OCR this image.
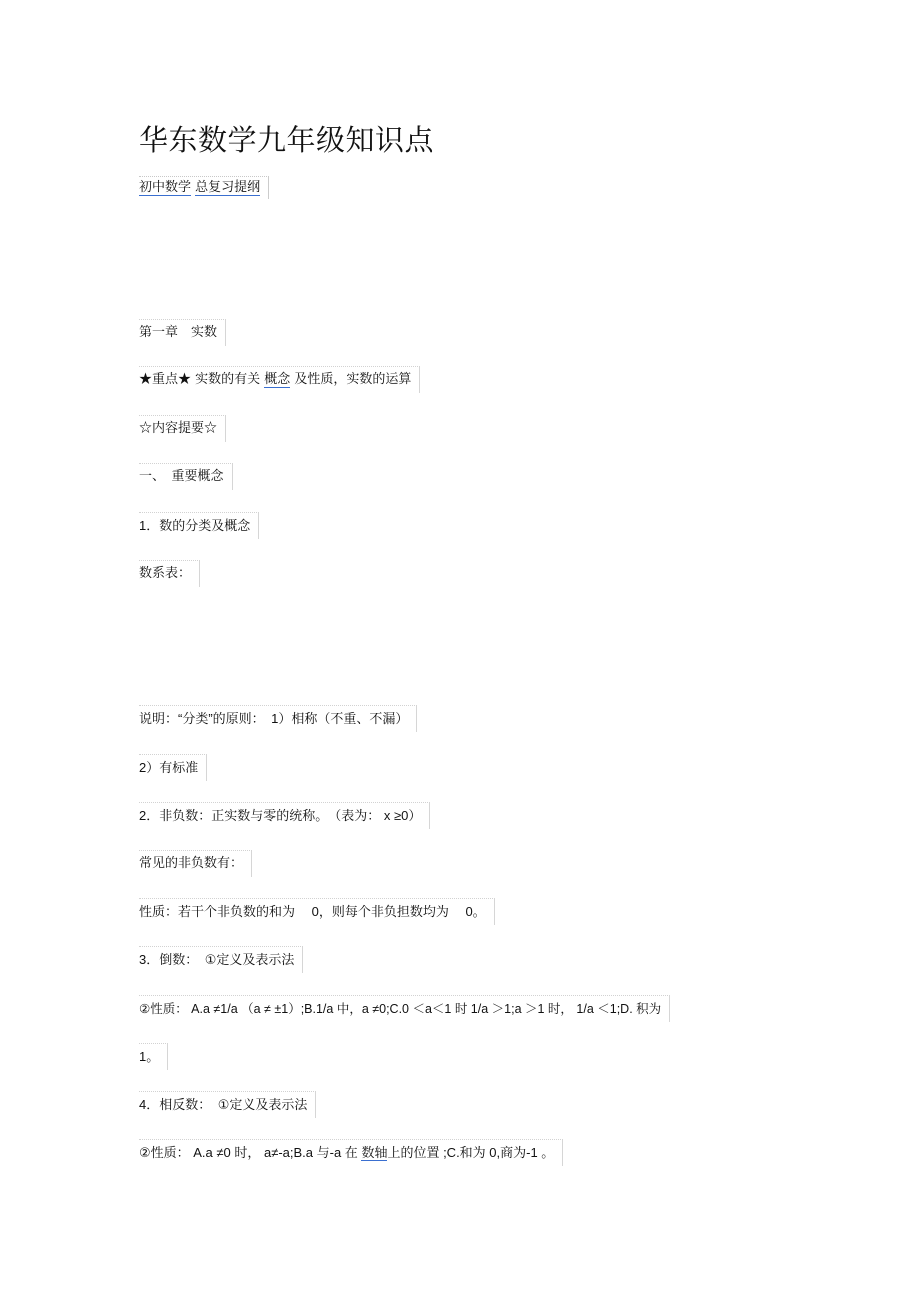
华东数学九年级知识点
初中数学 总复习提纲
第一章　实数
★重点★ 实数的有关 概念 及性质，实数的运算
☆内容提要☆
一、　重要概念
1．数的分类及概念
数系表：
说明：“分类”的原则：　1）相称（不重、不漏）
2）有标准
2．非负数：正实数与零的统称。　（表为： x ≥0）
常见的非负数有：
性质：若干个非负数的和为　 0，则每个非负担数均为　 0。
3．倒数：　①定义及表示法
②性质： A.a ≠1/a （a ≠ ±1）;B.1/a 中，a ≠0;C.0 ＜a＜1 时 1/a ＞1;a ＞1 时， 1/a ＜1;D. 积为
1。
4．相反数：　①定义及表示法
②性质： A.a ≠0 时， a≠-a;B.a 与-a 在 数轴上的位置 ;C.和为 0,商为-1 。
